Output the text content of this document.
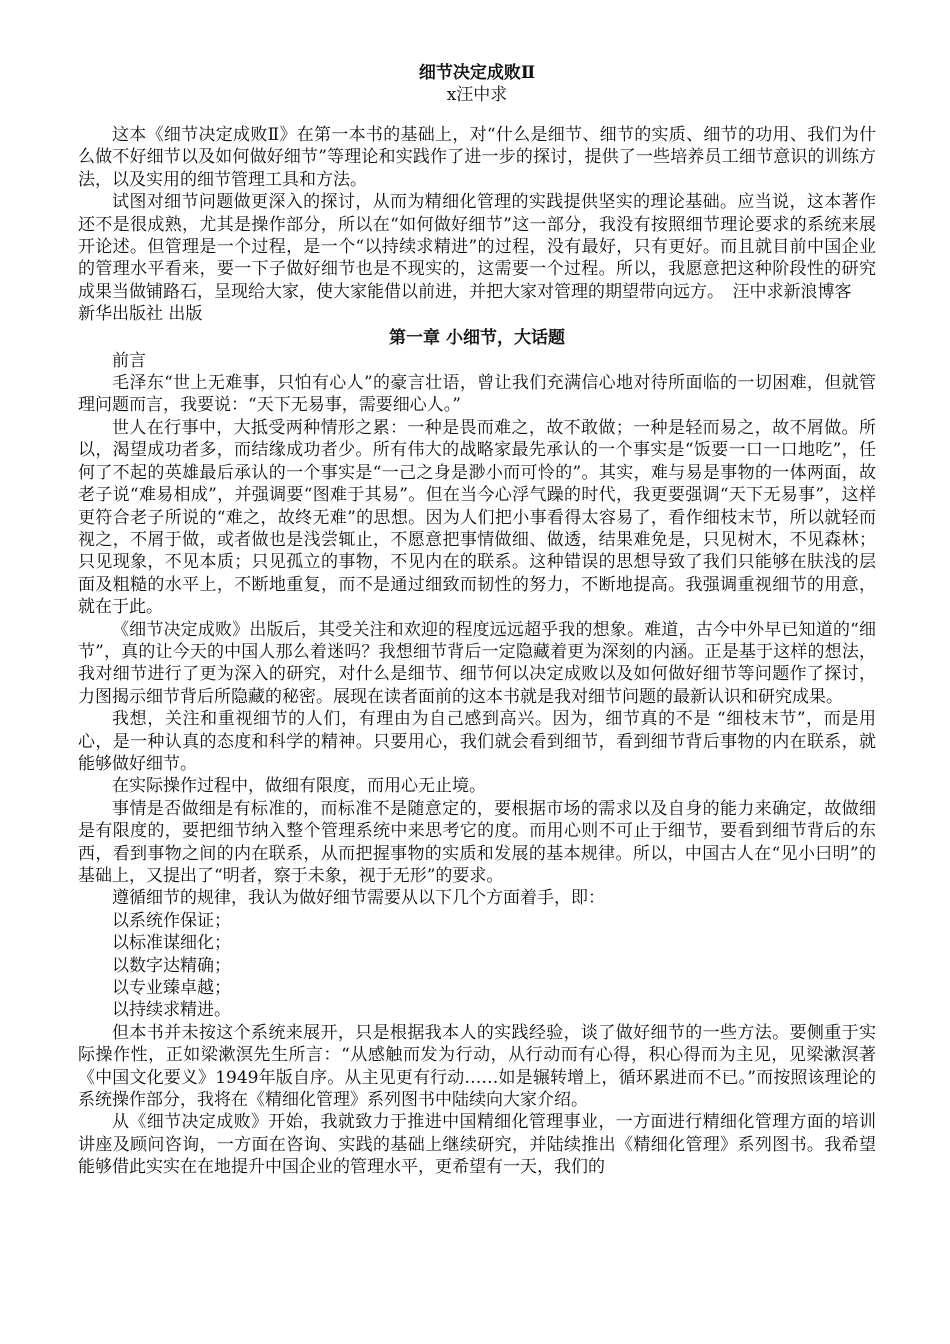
细节决定成败Ⅱ

x汪中求

这本《细节决定成败Ⅱ》在第一本书的基础上，对“什么是细节、细节的实质、细节的功用、我们为什么做不好细节以及如何做好细节”等理论和实践作了进一步的探讨，提供了一些培养员工细节意识的训练方法，以及实用的细节管理工具和方法。

试图对细节问题做更深入的探讨，从而为精细化管理的实践提供坚实的理论基础。应当说，这本著作还不是很成熟，尤其是操作部分，所以在“如何做好细节”这一部分，我没有按照细节理论要求的系统来展开论述。但管理是一个过程，是一个“以持续求精进”的过程，没有最好，只有更好。而且就目前中国企业的管理水平看来，要一下子做好细节也是不现实的，这需要一个过程。所以，我愿意把这种阶段性的研究成果当做铺路石，呈现给大家，使大家能借以前进，并把大家对管理的期望带向远方。　汪中求新浪博客

新华出版社 出版

第一章 小细节，大话题

前言

毛泽东“世上无难事，只怕有心人”的豪言壮语，曾让我们充满信心地对待所面临的一切困难，但就管理问题而言，我要说：“天下无易事，需要细心人。”

世人在行事中，大抵受两种情形之累：一种是畏而难之，故不敢做；一种是轻而易之，故不屑做。所以，渴望成功者多，而结缘成功者少。所有伟大的战略家最先承认的一个事实是“饭要一口一口地吃”，任何了不起的英雄最后承认的一个事实是“一己之身是渺小而可怜的”。其实，难与易是事物的一体两面，故老子说“难易相成”，并强调要“图难于其易”。但在当今心浮气躁的时代，我更要强调“天下无易事”，这样更符合老子所说的“难之，故终无难”的思想。因为人们把小事看得太容易了，看作细枝末节，所以就轻而视之，不屑于做，或者做也是浅尝辄止，不愿意把事情做细、做透，结果难免是，只见树木，不见森林；只见现象，不见本质；只见孤立的事物，不见内在的联系。这种错误的思想导致了我们只能够在肤浅的层面及粗糙的水平上，不断地重复，而不是通过细致而韧性的努力，不断地提高。我强调重视细节的用意，就在于此。

《细节决定成败》出版后，其受关注和欢迎的程度远远超乎我的想象。难道，古今中外早已知道的“细节”，真的让今天的中国人那么着迷吗？我想细节背后一定隐藏着更为深刻的内涵。正是基于这样的想法，我对细节进行了更为深入的研究，对什么是细节、细节何以决定成败以及如何做好细节等问题作了探讨，力图揭示细节背后所隐藏的秘密。展现在读者面前的这本书就是我对细节问题的最新认识和研究成果。

我想，关注和重视细节的人们，有理由为自己感到高兴。因为，细节真的不是 “细枝末节”，而是用心，是一种认真的态度和科学的精神。只要用心，我们就会看到细节，看到细节背后事物的内在联系，就能够做好细节。

在实际操作过程中，做细有限度，而用心无止境。

事情是否做细是有标准的，而标准不是随意定的，要根据市场的需求以及自身的能力来确定，故做细是有限度的，要把细节纳入整个管理系统中来思考它的度。而用心则不可止于细节，要看到细节背后的东西，看到事物之间的内在联系，从而把握事物的实质和发展的基本规律。所以，中国古人在“见小曰明”的基础上，又提出了“明者，察于未象，视于无形”的要求。

遵循细节的规律，我认为做好细节需要从以下几个方面着手，即：

以系统作保证；

以标准谋细化；

以数字达精确；

以专业臻卓越；

以持续求精进。

但本书并未按这个系统来展开，只是根据我本人的实践经验，谈了做好细节的一些方法。要侧重于实际操作性，正如梁漱溟先生所言：“从感触而发为行动，从行动而有心得，积心得而为主见，见梁漱溟著《中国文化要义》1949年版自序。从主见更有行动……如是辗转增上，循环累进而不已。”而按照该理论的系统操作部分，我将在《精细化管理》系列图书中陆续向大家介绍。

从《细节决定成败》开始，我就致力于推进中国精细化管理事业，一方面进行精细化管理方面的培训讲座及顾问咨询，一方面在咨询、实践的基础上继续研究，并陆续推出《精细化管理》系列图书。我希望能够借此实实在在地提升中国企业的管理水平，更希望有一天，我们的
